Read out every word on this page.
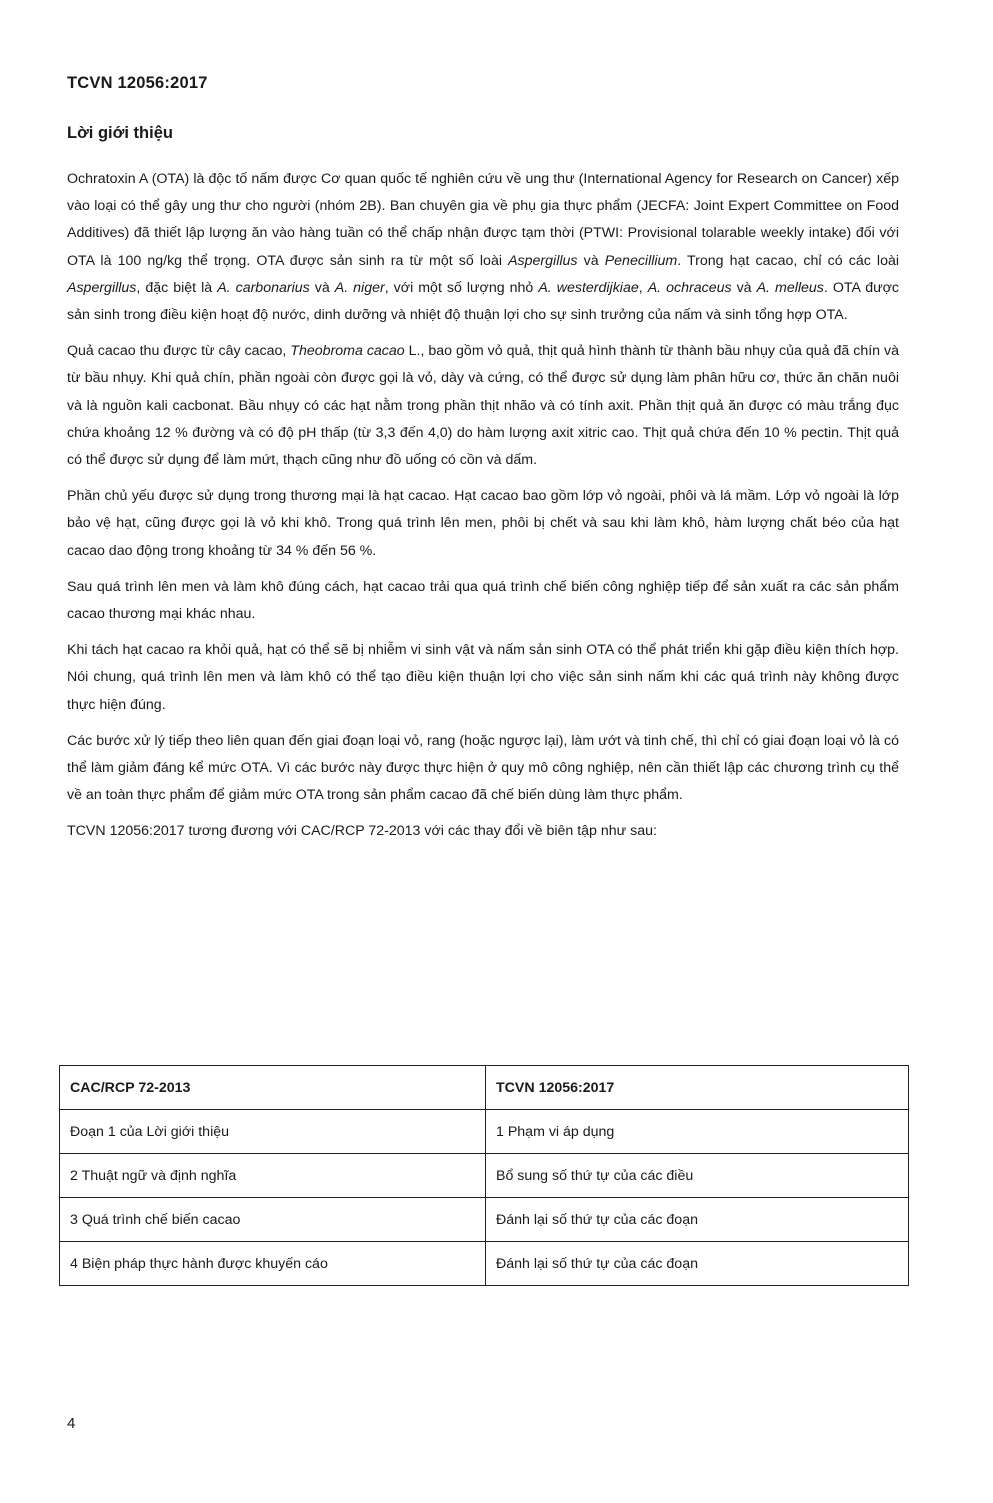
TCVN 12056:2017
Lời giới thiệu

Ochratoxin A (OTA) là độc tố nấm được Cơ quan quốc tế nghiên cứu về ung thư (International Agency for Research on Cancer) xếp vào loại có thể gây ung thư cho người (nhóm 2B). Ban chuyên gia về phụ gia thực phẩm (JECFA: Joint Expert Committee on Food Additives) đã thiết lập lượng ăn vào hàng tuần có thể chấp nhận được tạm thời (PTWI: Provisional tolarable weekly intake) đối với OTA là 100 ng/kg thể trọng. OTA được sản sinh ra từ một số loài Aspergillus và Penecillium. Trong hạt cacao, chỉ có các loài Aspergillus, đặc biệt là A. carbonarius và A. niger, với một số lượng nhỏ A. westerdijkiae, A. ochraceus và A. melleus. OTA được sản sinh trong điều kiện hoạt độ nước, dinh dưỡng và nhiệt độ thuận lợi cho sự sinh trưởng của nấm và sinh tổng hợp OTA.

Quả cacao thu được từ cây cacao, Theobroma cacao L., bao gồm vỏ quả, thịt quả hình thành từ thành bầu nhụy của quả đã chín và từ bầu nhụy. Khi quả chín, phần ngoài còn được gọi là vỏ, dày và cứng, có thể được sử dụng làm phân hữu cơ, thức ăn chăn nuôi và là nguồn kali cacbonat. Bầu nhụy có các hạt nằm trong phần thịt nhão và có tính axit. Phần thịt quả ăn được có màu trắng đục chứa khoảng 12 % đường và có độ pH thấp (từ 3,3 đến 4,0) do hàm lượng axit xitric cao. Thịt quả chứa đến 10 % pectin. Thịt quả có thể được sử dụng để làm mứt, thạch cũng như đồ uống có cồn và dấm.

Phần chủ yếu được sử dụng trong thương mại là hạt cacao. Hạt cacao bao gồm lớp vỏ ngoài, phôi và lá mầm. Lớp vỏ ngoài là lớp bảo vệ hạt, cũng được gọi là vỏ khi khô. Trong quá trình lên men, phôi bị chết và sau khi làm khô, hàm lượng chất béo của hạt cacao dao động trong khoảng từ 34 % đến 56 %.

Sau quá trình lên men và làm khô đúng cách, hạt cacao trải qua quá trình chế biến công nghiệp tiếp để sản xuất ra các sản phẩm cacao thương mại khác nhau.

Khi tách hạt cacao ra khỏi quả, hạt có thể sẽ bị nhiễm vi sinh vật và nấm sản sinh OTA có thể phát triển khi gặp điều kiện thích hợp. Nói chung, quá trình lên men và làm khô có thể tạo điều kiện thuận lợi cho việc sản sinh nấm khi các quá trình này không được thực hiện đúng.

Các bước xử lý tiếp theo liên quan đến giai đoạn loại vỏ, rang (hoặc ngược lại), làm ướt và tinh chế, thì chỉ có giai đoạn loại vỏ là có thể làm giảm đáng kể mức OTA. Vì các bước này được thực hiện ở quy mô công nghiệp, nên cần thiết lập các chương trình cụ thể về an toàn thực phẩm để giảm mức OTA trong sản phẩm cacao đã chế biến dùng làm thực phẩm.

TCVN 12056:2017 tương đương với CAC/RCP 72-2013 với các thay đổi về biên tập như sau:

CAC/RCP 72-2013	TCVN 12056:2017
Đoạn 1 của Lời giới thiệu	1 Phạm vi áp dụng
2 Thuật ngữ và định nghĩa	Bổ sung số thứ tự của các điều
3 Quá trình chế biến cacao	Đánh lại số thứ tự của các đoạn
4 Biện pháp thực hành được khuyến cáo	Đánh lại số thứ tự của các đoạn
4
